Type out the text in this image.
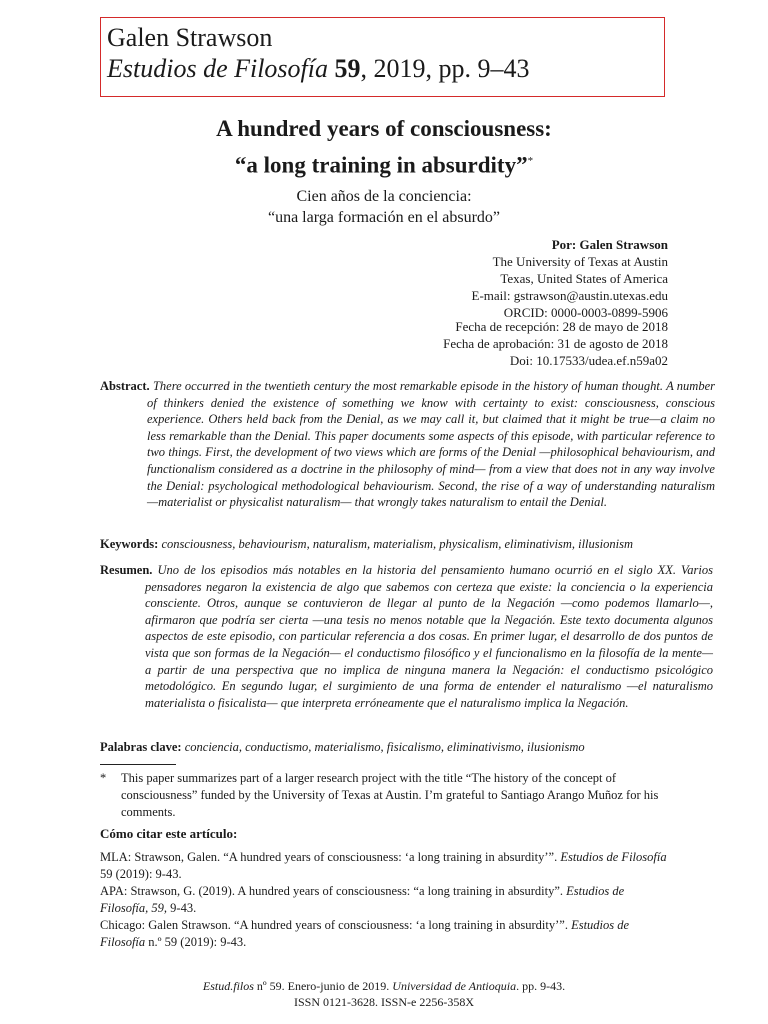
Galen Strawson
Estudios de Filosofía 59, 2019, pp. 9–43
A hundred years of consciousness:
“a long training in absurdity”*
Cien años de la conciencia:
“una larga formación en el absurdo”
Por: Galen Strawson
The University of Texas at Austin
Texas, United States of America
E-mail: gstrawson@austin.utexas.edu
ORCID: 0000-0003-0899-5906
Fecha de recepción: 28 de mayo de 2018
Fecha de aprobación: 31 de agosto de 2018
Doi: 10.17533/udea.ef.n59a02
Abstract. There occurred in the twentieth century the most remarkable episode in the history of human thought. A number of thinkers denied the existence of something we know with certainty to exist: consciousness, conscious experience. Others held back from the Denial, as we may call it, but claimed that it might be true—a claim no less remarkable than the Denial. This paper documents some aspects of this episode, with particular reference to two things. First, the development of two views which are forms of the Denial —philosophical behaviourism, and functionalism considered as a doctrine in the philosophy of mind— from a view that does not in any way involve the Denial: psychological methodological behaviourism. Second, the rise of a way of understanding naturalism —materialist or physicalist naturalism— that wrongly takes naturalism to entail the Denial.
Keywords: consciousness, behaviourism, naturalism, materialism, physicalism, eliminativism, illusionism
Resumen. Uno de los episodios más notables en la historia del pensamiento humano ocurrió en el siglo XX. Varios pensadores negaron la existencia de algo que sabemos con certeza que existe: la conciencia o la experiencia consciente. Otros, aunque se contuvieron de llegar al punto de la Negación —como podemos llamarlo—, afirmaron que podría ser cierta —una tesis no menos notable que la Negación. Este texto documenta algunos aspectos de este episodio, con particular referencia a dos cosas. En primer lugar, el desarrollo de dos puntos de vista que son formas de la Negación— el conductismo filosófico y el funcionalismo en la filosofía de la mente— a partir de una perspectiva que no implica de ninguna manera la Negación: el conductismo psicológico metodológico. En segundo lugar, el surgimiento de una forma de entender el naturalismo —el naturalismo materialista o fisicalista— que interpreta erróneamente que el naturalismo implica la Negación.
Palabras clave: conciencia, conductismo, materialismo, fisicalismo, eliminativismo, ilusionismo
*	This paper summarizes part of a larger research project with the title “The history of the concept of consciousness” funded by the University of Texas at Austin. I’m grateful to Santiago Arango Muñoz for his comments.
Cómo citar este artículo:
MLA: Strawson, Galen. “A hundred years of consciousness: ‘a long training in absurdity’”. Estudios de Filosofía 59 (2019): 9-43.
APA: Strawson, G. (2019). A hundred years of consciousness: “a long training in absurdity”. Estudios de Filosofía, 59, 9-43.
Chicago: Galen Strawson. “A hundred years of consciousness: ‘a long training in absurdity’”. Estudios de Filosofía n.º 59 (2019): 9-43.
Estud.filos nº 59. Enero-junio de 2019. Universidad de Antioquia. pp. 9-43.
ISSN 0121-3628. ISSN-e 2256-358X
